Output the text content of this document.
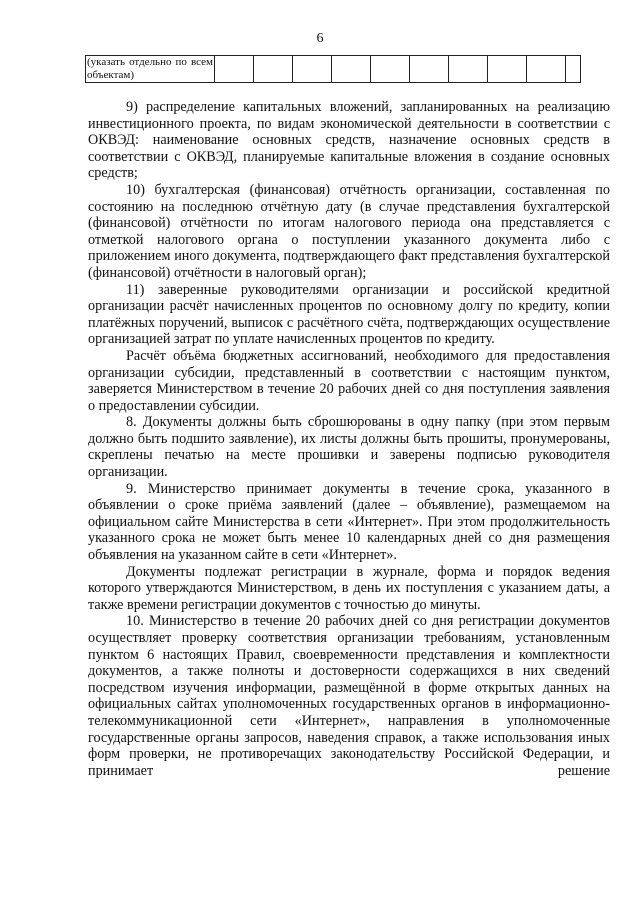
6
(указать отдельно по всем объектам)										

9) распределение капитальных вложений, запланированных на реализацию инвестиционного проекта, по видам экономической деятельности в соответствии с ОКВЭД: наименование основных средств, назначение основных средств в соответствии с ОКВЭД, планируемые капитальные вложения в создание основных средств;

10) бухгалтерская (финансовая) отчётность организации, составленная по состоянию на последнюю отчётную дату (в случае представления бухгалтерской (финансовой) отчётности по итогам налогового периода она представляется с отметкой налогового органа о поступлении указанного документа либо с приложением иного документа, подтверждающего факт представления бухгалтерской (финансовой) отчётности в налоговый орган);

11) заверенные руководителями организации и российской кредитной организации расчёт начисленных процентов по основному долгу по кредиту, копии платёжных поручений, выписок с расчётного счёта, подтверждающих осуществление организацией затрат по уплате начисленных процентов по кредиту.

Расчёт объёма бюджетных ассигнований, необходимого для предоставления организации субсидии, представленный в соответствии с настоящим пунктом, заверяется Министерством в течение 20 рабочих дней со дня поступления заявления о предоставлении субсидии.

8. Документы должны быть сброшюрованы в одну папку (при этом первым должно быть подшито заявление), их листы должны быть прошиты, пронумерованы, скреплены печатью на месте прошивки и заверены подписью руководителя организации.

9. Министерство принимает документы в течение срока, указанного в объявлении о сроке приёма заявлений (далее – объявление), размещаемом на официальном сайте Министерства в сети «Интернет». При этом продолжительность указанного срока не может быть менее 10 календарных дней со дня размещения объявления на указанном сайте в сети «Интернет».

Документы подлежат регистрации в журнале, форма и порядок ведения которого утверждаются Министерством, в день их поступления с указанием даты, а также времени регистрации документов с точностью до минуты.

10. Министерство в течение 20 рабочих дней со дня регистрации документов осуществляет проверку соответствия организации требованиям, установленным пунктом 6 настоящих Правил, своевременности представления и комплектности документов, а также полноты и достоверности содержащихся в них сведений посредством изучения информации, размещённой в форме открытых данных на официальных сайтах уполномоченных государственных органов в информационно-телекоммуникационной сети «Интернет», направления в уполномоченные государственные органы запросов, наведения справок, а также использования иных форм проверки, не противоречащих законодательству Российской Федерации, и принимает решение
